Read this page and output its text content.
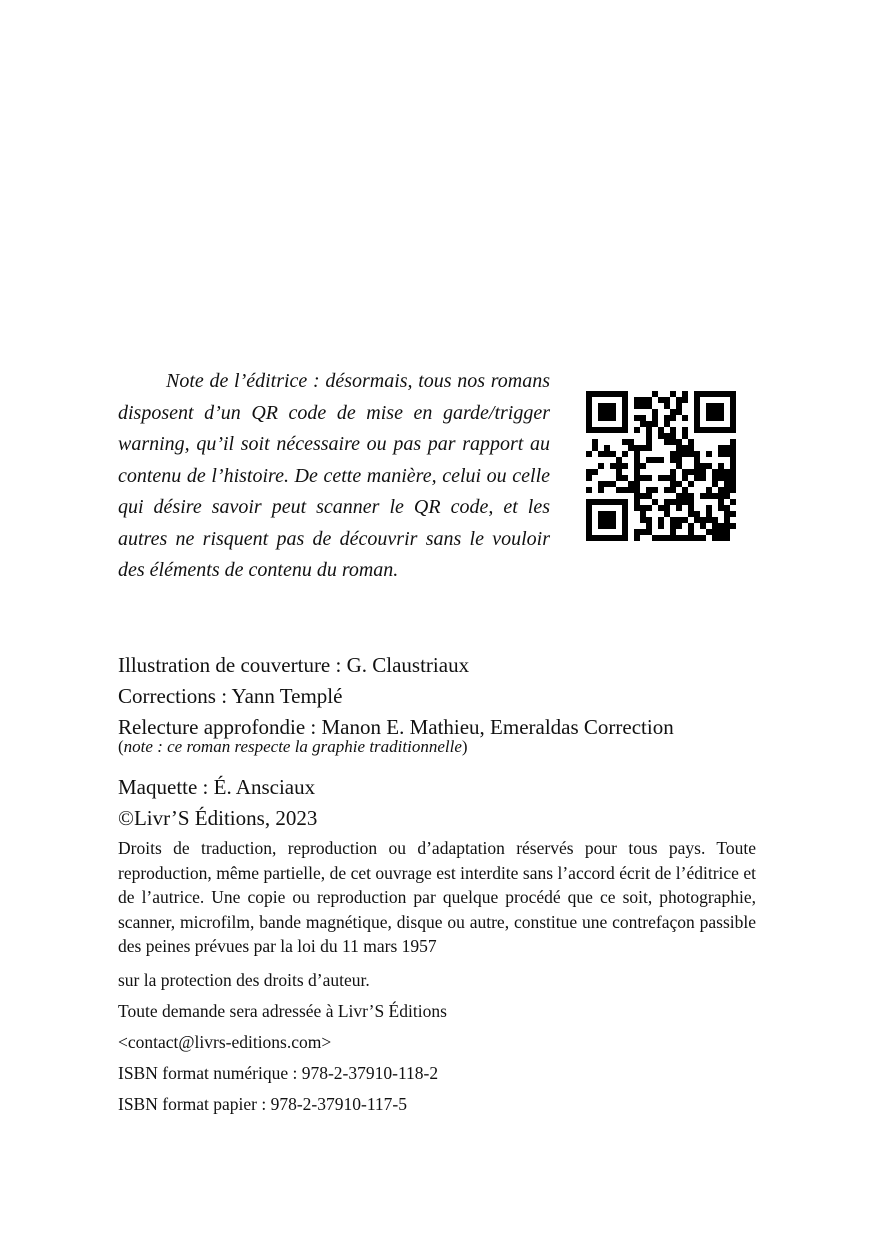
Note de l’éditrice : désormais, tous nos romans disposent d’un QR code de mise en garde/trigger warning, qu’il soit nécessaire ou pas par rapport au contenu de l’histoire. De cette manière, celui ou celle qui désire savoir peut scanner le QR code, et les autres ne risquent pas de découvrir sans le vouloir des éléments de contenu du roman.

Illustration de couverture : G. Claustriaux
Corrections : Yann Templé
Relecture approfondie : Manon E. Mathieu, Emeraldas Correction
(note : ce roman respecte la graphie traditionnelle)
Maquette : É. Ansciaux
©Livr’S Éditions, 2023

Droits de traduction, reproduction ou d’adaptation réservés pour tous pays. Toute reproduction, même partielle, de cet ouvrage est interdite sans l’accord écrit de l’éditrice et de l’autrice. Une copie ou reproduction par quelque procédé que ce soit, photographie, scanner, microfilm, bande magnétique, disque ou autre, constitue une contrefaçon passible des peines prévues par la loi du 11 mars 1957

sur la protection des droits d’auteur.
Toute demande sera adressée à Livr’S Éditions
<contact@livrs-editions.com>
ISBN format numérique : 978-2-37910-118-2
ISBN format papier : 978-2-37910-117-5
